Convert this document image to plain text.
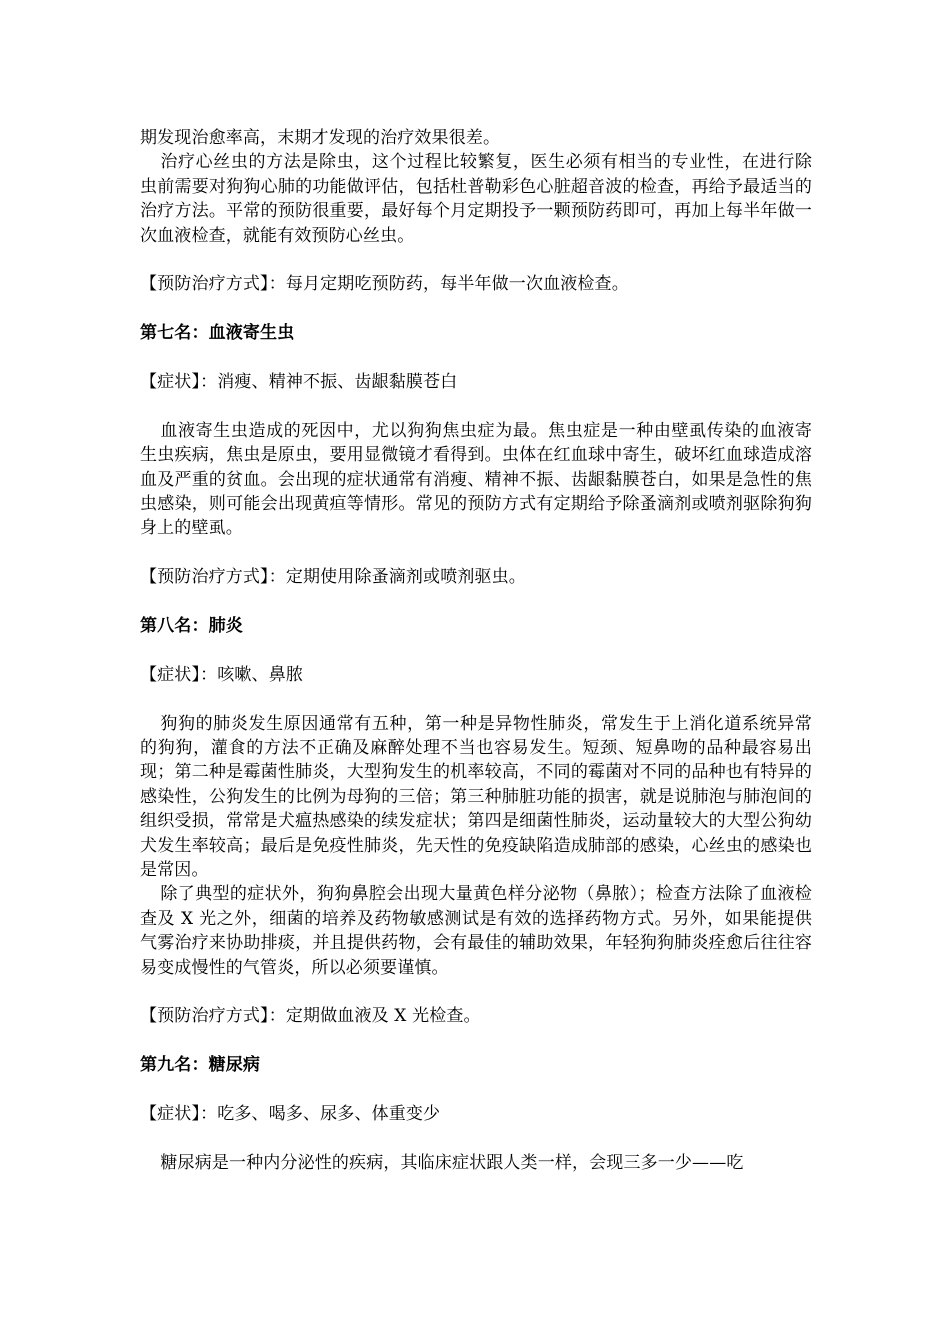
期发现治愈率高，末期才发现的治疗效果很差。

治疗心丝虫的方法是除虫，这个过程比较繁复，医生必须有相当的专业性，在进行除虫前需要对狗狗心肺的功能做评估，包括杜普勒彩色心脏超音波的检查，再给予最适当的治疗方法。平常的预防很重要，最好每个月定期投予一颗预防药即可，再加上每半年做一次血液检查，就能有效预防心丝虫。

【预防治疗方式】：每月定期吃预防药，每半年做一次血液检查。

第七名：血液寄生虫

【症状】：消瘦、精神不振、齿龈黏膜苍白

血液寄生虫造成的死因中，尤以狗狗焦虫症为最。焦虫症是一种由壁虱传染的血液寄生虫疾病，焦虫是原虫，要用显微镜才看得到。虫体在红血球中寄生，破坏红血球造成溶血及严重的贫血。会出现的症状通常有消瘦、精神不振、齿龈黏膜苍白，如果是急性的焦虫感染，则可能会出现黄疸等情形。常见的预防方式有定期给予除蚤滴剂或喷剂驱除狗狗身上的壁虱。

【预防治疗方式】：定期使用除蚤滴剂或喷剂驱虫。

第八名：肺炎

【症状】：咳嗽、鼻脓

狗狗的肺炎发生原因通常有五种，第一种是异物性肺炎，常发生于上消化道系统异常的狗狗，灌食的方法不正确及麻醉处理不当也容易发生。短颈、短鼻吻的品种最容易出现；第二种是霉菌性肺炎，大型狗发生的机率较高，不同的霉菌对不同的品种也有特异的感染性，公狗发生的比例为母狗的三倍；第三种肺脏功能的损害，就是说肺泡与肺泡间的组织受损，常常是犬瘟热感染的续发症状；第四是细菌性肺炎，运动量较大的大型公狗幼犬发生率较高；最后是免疫性肺炎，先天性的免疫缺陷造成肺部的感染，心丝虫的感染也是常因。

除了典型的症状外，狗狗鼻腔会出现大量黄色样分泌物（鼻脓）；检查方法除了血液检查及 X 光之外，细菌的培养及药物敏感测试是有效的选择药物方式。另外，如果能提供气雾治疗来协助排痰，并且提供药物，会有最佳的辅助效果，年轻狗狗肺炎痊愈后往往容易变成慢性的气管炎，所以必须要谨慎。

【预防治疗方式】：定期做血液及 X 光检查。

第九名：糖尿病

【症状】：吃多、喝多、尿多、体重变少

糖尿病是一种内分泌性的疾病，其临床症状跟人类一样，会现三多一少——吃
